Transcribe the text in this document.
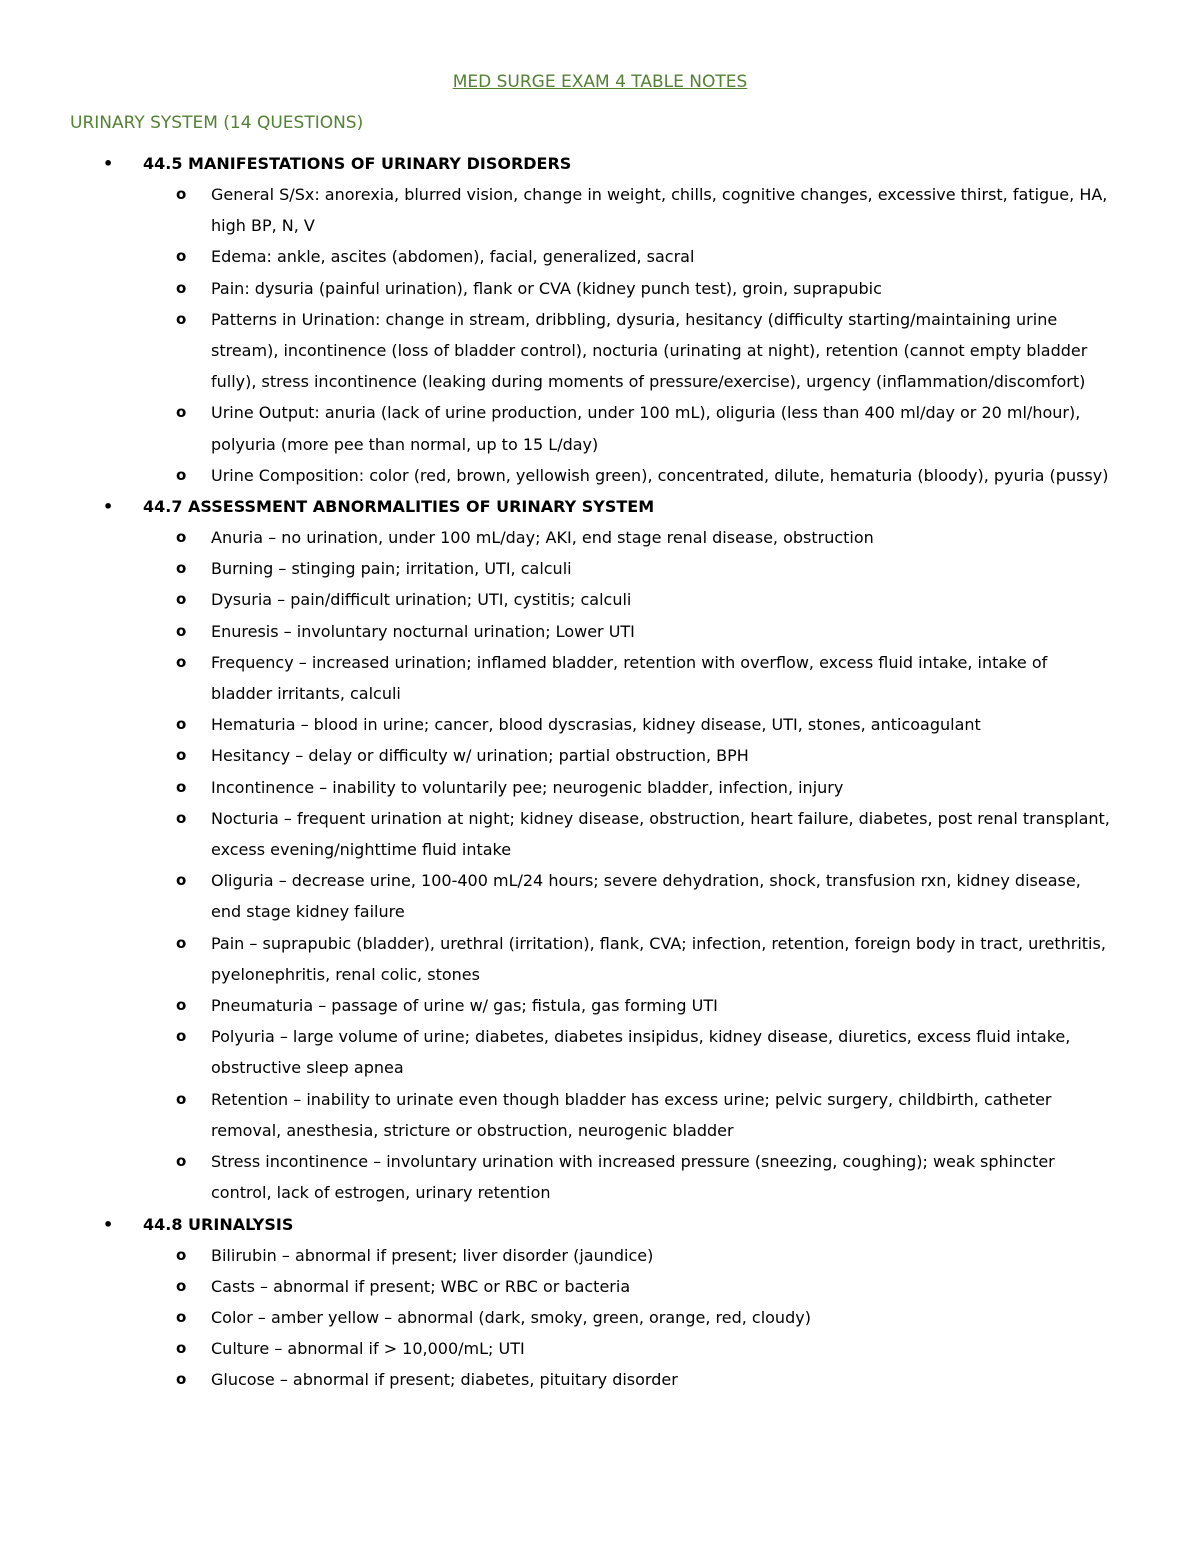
MED SURGE EXAM 4 TABLE NOTES
URINARY SYSTEM (14 QUESTIONS)
• 44.5 MANIFESTATIONS OF URINARY DISORDERS
o General S/Sx: anorexia, blurred vision, change in weight, chills, cognitive changes, excessive thirst, fatigue, HA, high BP, N, V
o Edema: ankle, ascites (abdomen), facial, generalized, sacral
o Pain: dysuria (painful urination), flank or CVA (kidney punch test), groin, suprapubic
o Patterns in Urination: change in stream, dribbling, dysuria, hesitancy (difficulty starting/maintaining urine stream), incontinence (loss of bladder control), nocturia (urinating at night), retention (cannot empty bladder fully), stress incontinence (leaking during moments of pressure/exercise), urgency (inflammation/discomfort)
o Urine Output: anuria (lack of urine production, under 100 mL), oliguria (less than 400 ml/day or 20 ml/hour), polyuria (more pee than normal, up to 15 L/day)
o Urine Composition: color (red, brown, yellowish green), concentrated, dilute, hematuria (bloody), pyuria (pussy)
• 44.7 ASSESSMENT ABNORMALITIES OF URINARY SYSTEM
o Anuria – no urination, under 100 mL/day; AKI, end stage renal disease, obstruction
o Burning – stinging pain; irritation, UTI, calculi
o Dysuria – pain/difficult urination; UTI, cystitis; calculi
o Enuresis – involuntary nocturnal urination; Lower UTI
o Frequency – increased urination; inflamed bladder, retention with overflow, excess fluid intake, intake of bladder irritants, calculi
o Hematuria – blood in urine; cancer, blood dyscrasias, kidney disease, UTI, stones, anticoagulant
o Hesitancy – delay or difficulty w/ urination; partial obstruction, BPH
o Incontinence – inability to voluntarily pee; neurogenic bladder, infection, injury
o Nocturia – frequent urination at night; kidney disease, obstruction, heart failure, diabetes, post renal transplant, excess evening/nighttime fluid intake
o Oliguria – decrease urine, 100-400 mL/24 hours; severe dehydration, shock, transfusion rxn, kidney disease, end stage kidney failure
o Pain – suprapubic (bladder), urethral (irritation), flank, CVA; infection, retention, foreign body in tract, urethritis, pyelonephritis, renal colic, stones
o Pneumaturia – passage of urine w/ gas; fistula, gas forming UTI
o Polyuria – large volume of urine; diabetes, diabetes insipidus, kidney disease, diuretics, excess fluid intake, obstructive sleep apnea
o Retention – inability to urinate even though bladder has excess urine; pelvic surgery, childbirth, catheter removal, anesthesia, stricture or obstruction, neurogenic bladder
o Stress incontinence – involuntary urination with increased pressure (sneezing, coughing); weak sphincter control, lack of estrogen, urinary retention
• 44.8 URINALYSIS
o Bilirubin – abnormal if present; liver disorder (jaundice)
o Casts – abnormal if present; WBC or RBC or bacteria
o Color – amber yellow – abnormal (dark, smoky, green, orange, red, cloudy)
o Culture – abnormal if > 10,000/mL; UTI
o Glucose – abnormal if present; diabetes, pituitary disorder
